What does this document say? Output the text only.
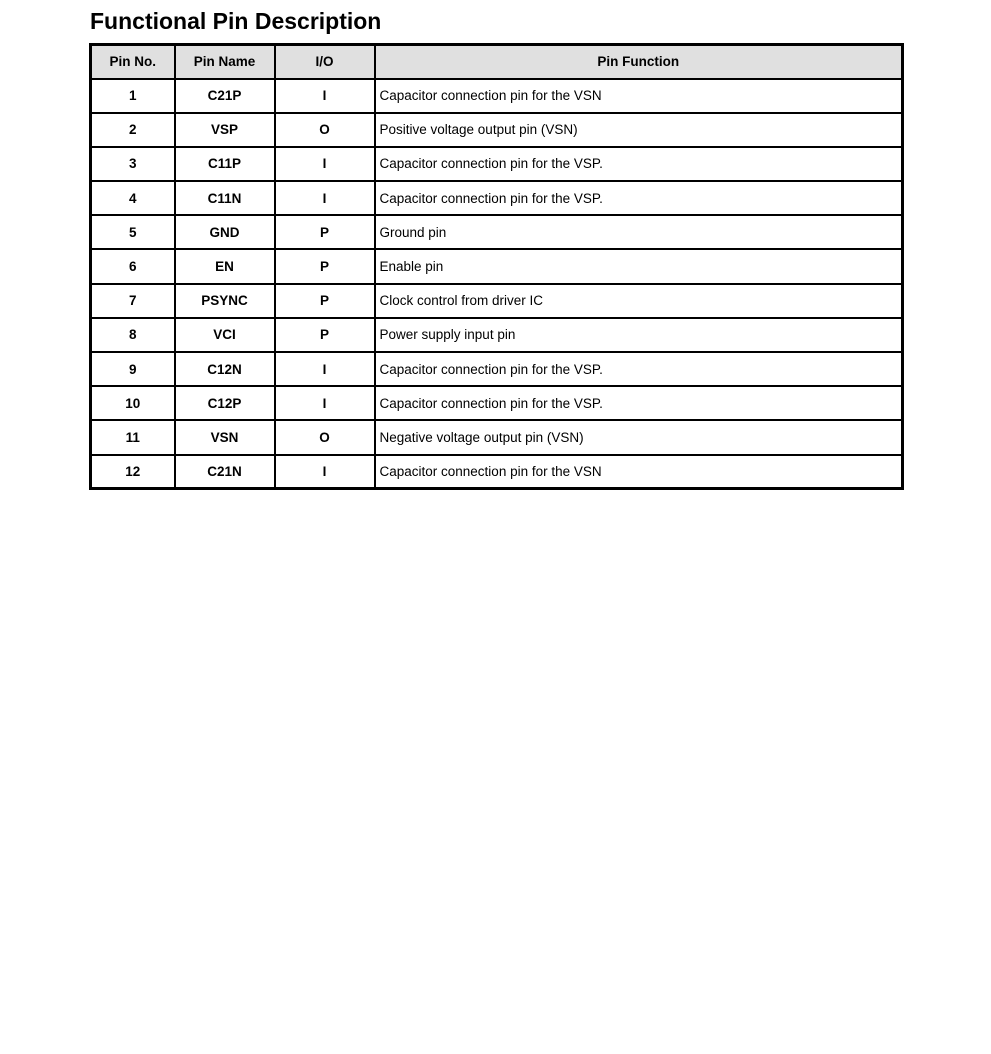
Functional Pin Description
Pin No.	Pin Name	I/O	Pin Function
1	C21P	I	Capacitor connection pin for the VSN
2	VSP	O	Positive voltage output pin (VSN)
3	C11P	I	Capacitor connection pin for the VSP.
4	C11N	I	Capacitor connection pin for the VSP.
5	GND	P	Ground pin
6	EN	P	Enable pin
7	PSYNC	P	Clock control from driver IC
8	VCI	P	Power supply input pin
9	C12N	I	Capacitor connection pin for the VSP.
10	C12P	I	Capacitor connection pin for the VSP.
11	VSN	O	Negative voltage output pin (VSN)
12	C21N	I	Capacitor connection pin for the VSN
